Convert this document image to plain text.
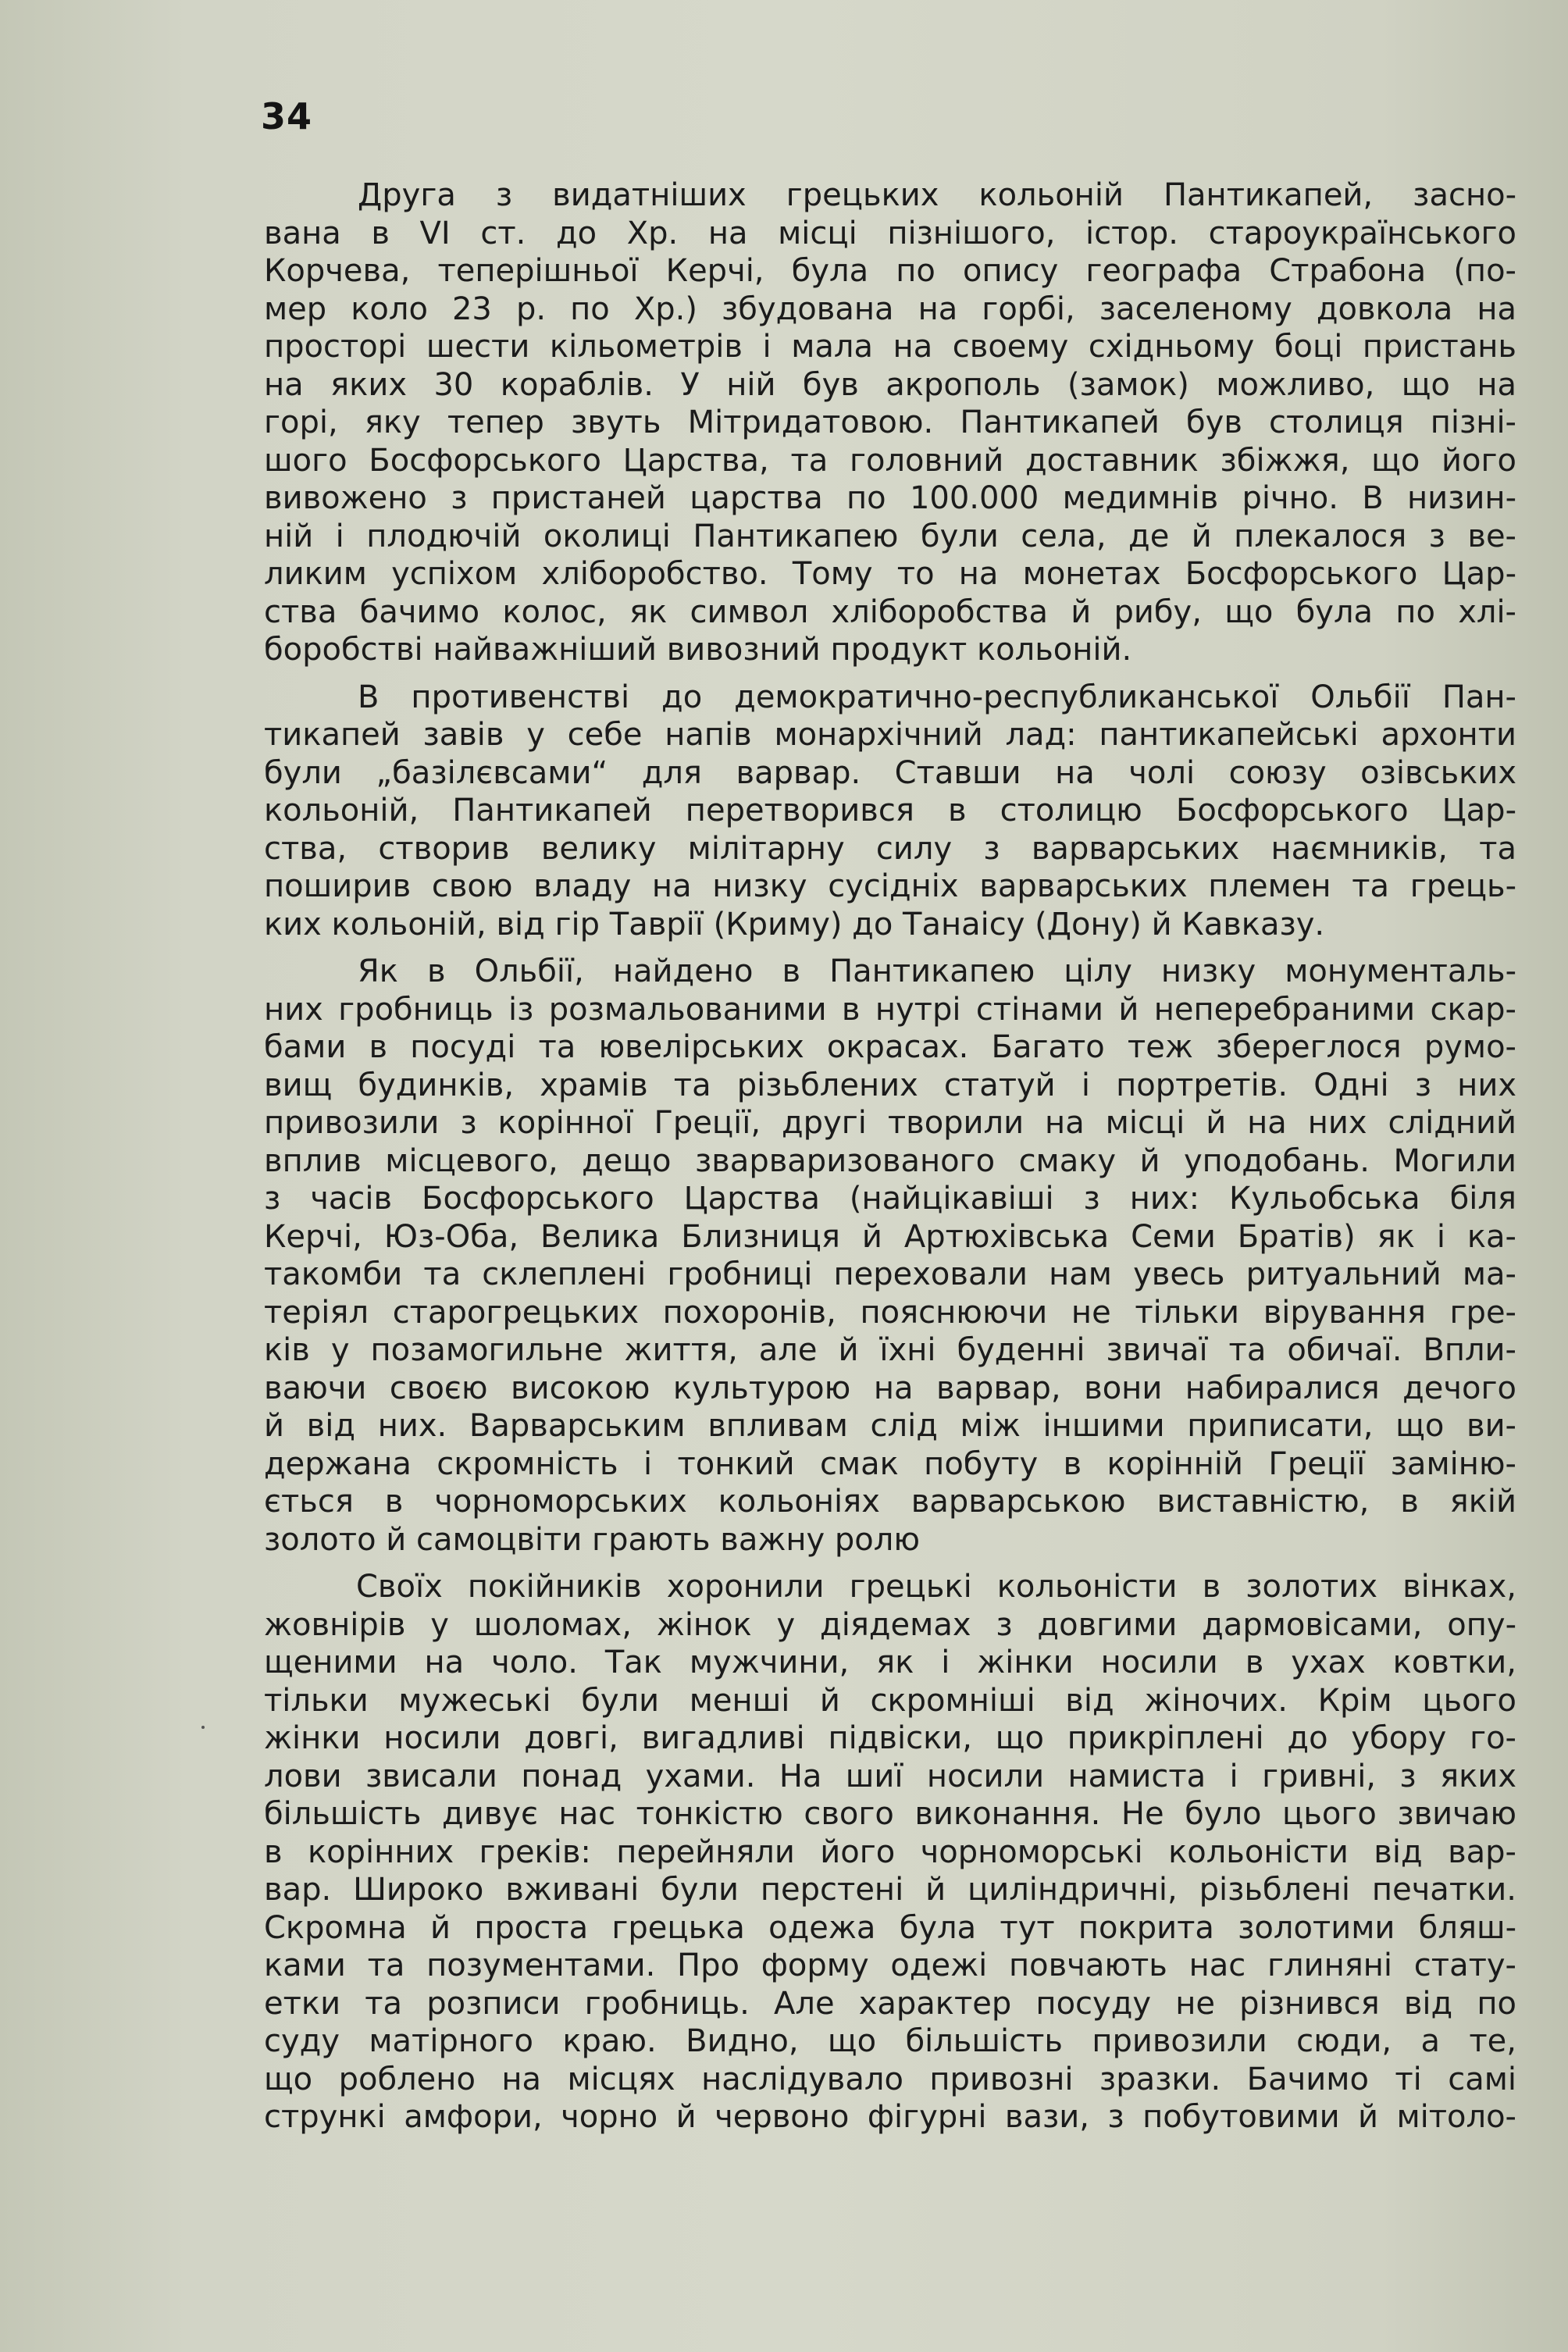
34
Друга з видатніших грецьких кольоній Пантикапей, засно-
вана в VI ст. до Хр. на місці пізнішого, істор. староукраїнського
Корчева, теперішньої Керчі, була по опису географа Страбона (по-
мер коло 23 р. по Хр.) збудована на горбі, заселеному довкола на
просторі шести кільометрів і мала на своему східньому боці пристань
на яких 30 кораблів. У ній був акрополь (замок) можливо, що на
горі, яку тепер звуть Мітридатовою. Пантикапей був столиця пізні-
шого Босфорського Царства, та головний доставник збіжжя, що його
вивожено з пристаней царства по 100.000 медимнів річно. В низин-
ній і плодючій околиці Пантикапею були села, де й плекалося з ве-
ликим успіхом хліборобство. Тому то на монетах Босфорського Цар-
ства бачимо колос, як символ хліборобства й рибу, що була по хлі-
боробстві найважніший вивозний продукт кольоній.
В противенстві до демократично-республиканської Ольбії Пан-
тикапей завів у себе напів монархічний лад: пантикапейські архонти
були „базілєвсами“ для варвар. Ставши на чолі союзу озівських
кольоній, Пантикапей перетворився в столицю Босфорського Цар-
ства, створив велику мілітарну силу з варварських наємників, та
поширив свою владу на низку сусідніх варварських племен та грець-
ких кольоній, від гір Таврії (Криму) до Танаісу (Дону) й Кавказу.
Як в Ольбії, найдено в Пантикапею цілу низку монументаль-
них гробниць із розмальованими в нутрі стінами й неперебраними скар-
бами в посуді та ювелірських окрасах. Багато теж збереглося румо-
вищ будинків, храмів та різьблених статуй і портретів. Одні з них
привозили з корінної Греції, другі творили на місці й на них слідний
вплив місцевого, дещо зварваризованого смаку й уподобань. Могили
з часів Босфорського Царства (найцікавіші з них: Кульобська біля
Керчі, Юз-Оба, Велика Близниця й Артюхівська Семи Братів) як і ка-
такомби та склеплені гробниці переховали нам увесь ритуальний ма-
теріял старогрецьких похоронів, пояснюючи не тільки вірування гре-
ків у позамогильне життя, але й їхні буденні звичаї та обичаї. Впли-
ваючи своєю високою культурою на варвар, вони набиралися дечого
й від них. Варварським впливам слід між іншими приписати, що ви-
держана скромність і тонкий смак побуту в корінній Греції заміню-
ється в чорноморських кольоніях варварською виставністю, в якій
золото й самоцвіти грають важну ролю
Своїх покійників хоронили грецькі кольоністи в золотих вінках,
жовнірів у шоломах, жінок у діядемах з довгими дармовісами, опу-
щеними на чоло. Так мужчини, як і жінки носили в ухах ковтки,
тільки мужеські були менші й скромніші від жіночих. Крім цього
жінки носили довгі, вигадливі підвіски, що прикріплені до убору го-
лови звисали понад ухами. На шиї носили намиста і гривні, з яких
більшість дивує нас тонкістю свого виконання. Не було цього звичаю
в корінних греків: перейняли його чорноморські кольоністи від вар-
вар. Широко вживані були перстені й циліндричні, різьблені печатки.
Скромна й проста грецька одежа була тут покрита золотими бляш-
ками та позументами. Про форму одежі повчають нас глиняні стату-
етки та розписи гробниць. Але характер посуду не різнився від по
суду матірного краю. Видно, що більшість привозили сюди, а те,
що роблено на місцях наслідувало привозні зразки. Бачимо ті самі
стрункі амфори, чорно й червоно фігурні вази, з побутовими й мітоло-
